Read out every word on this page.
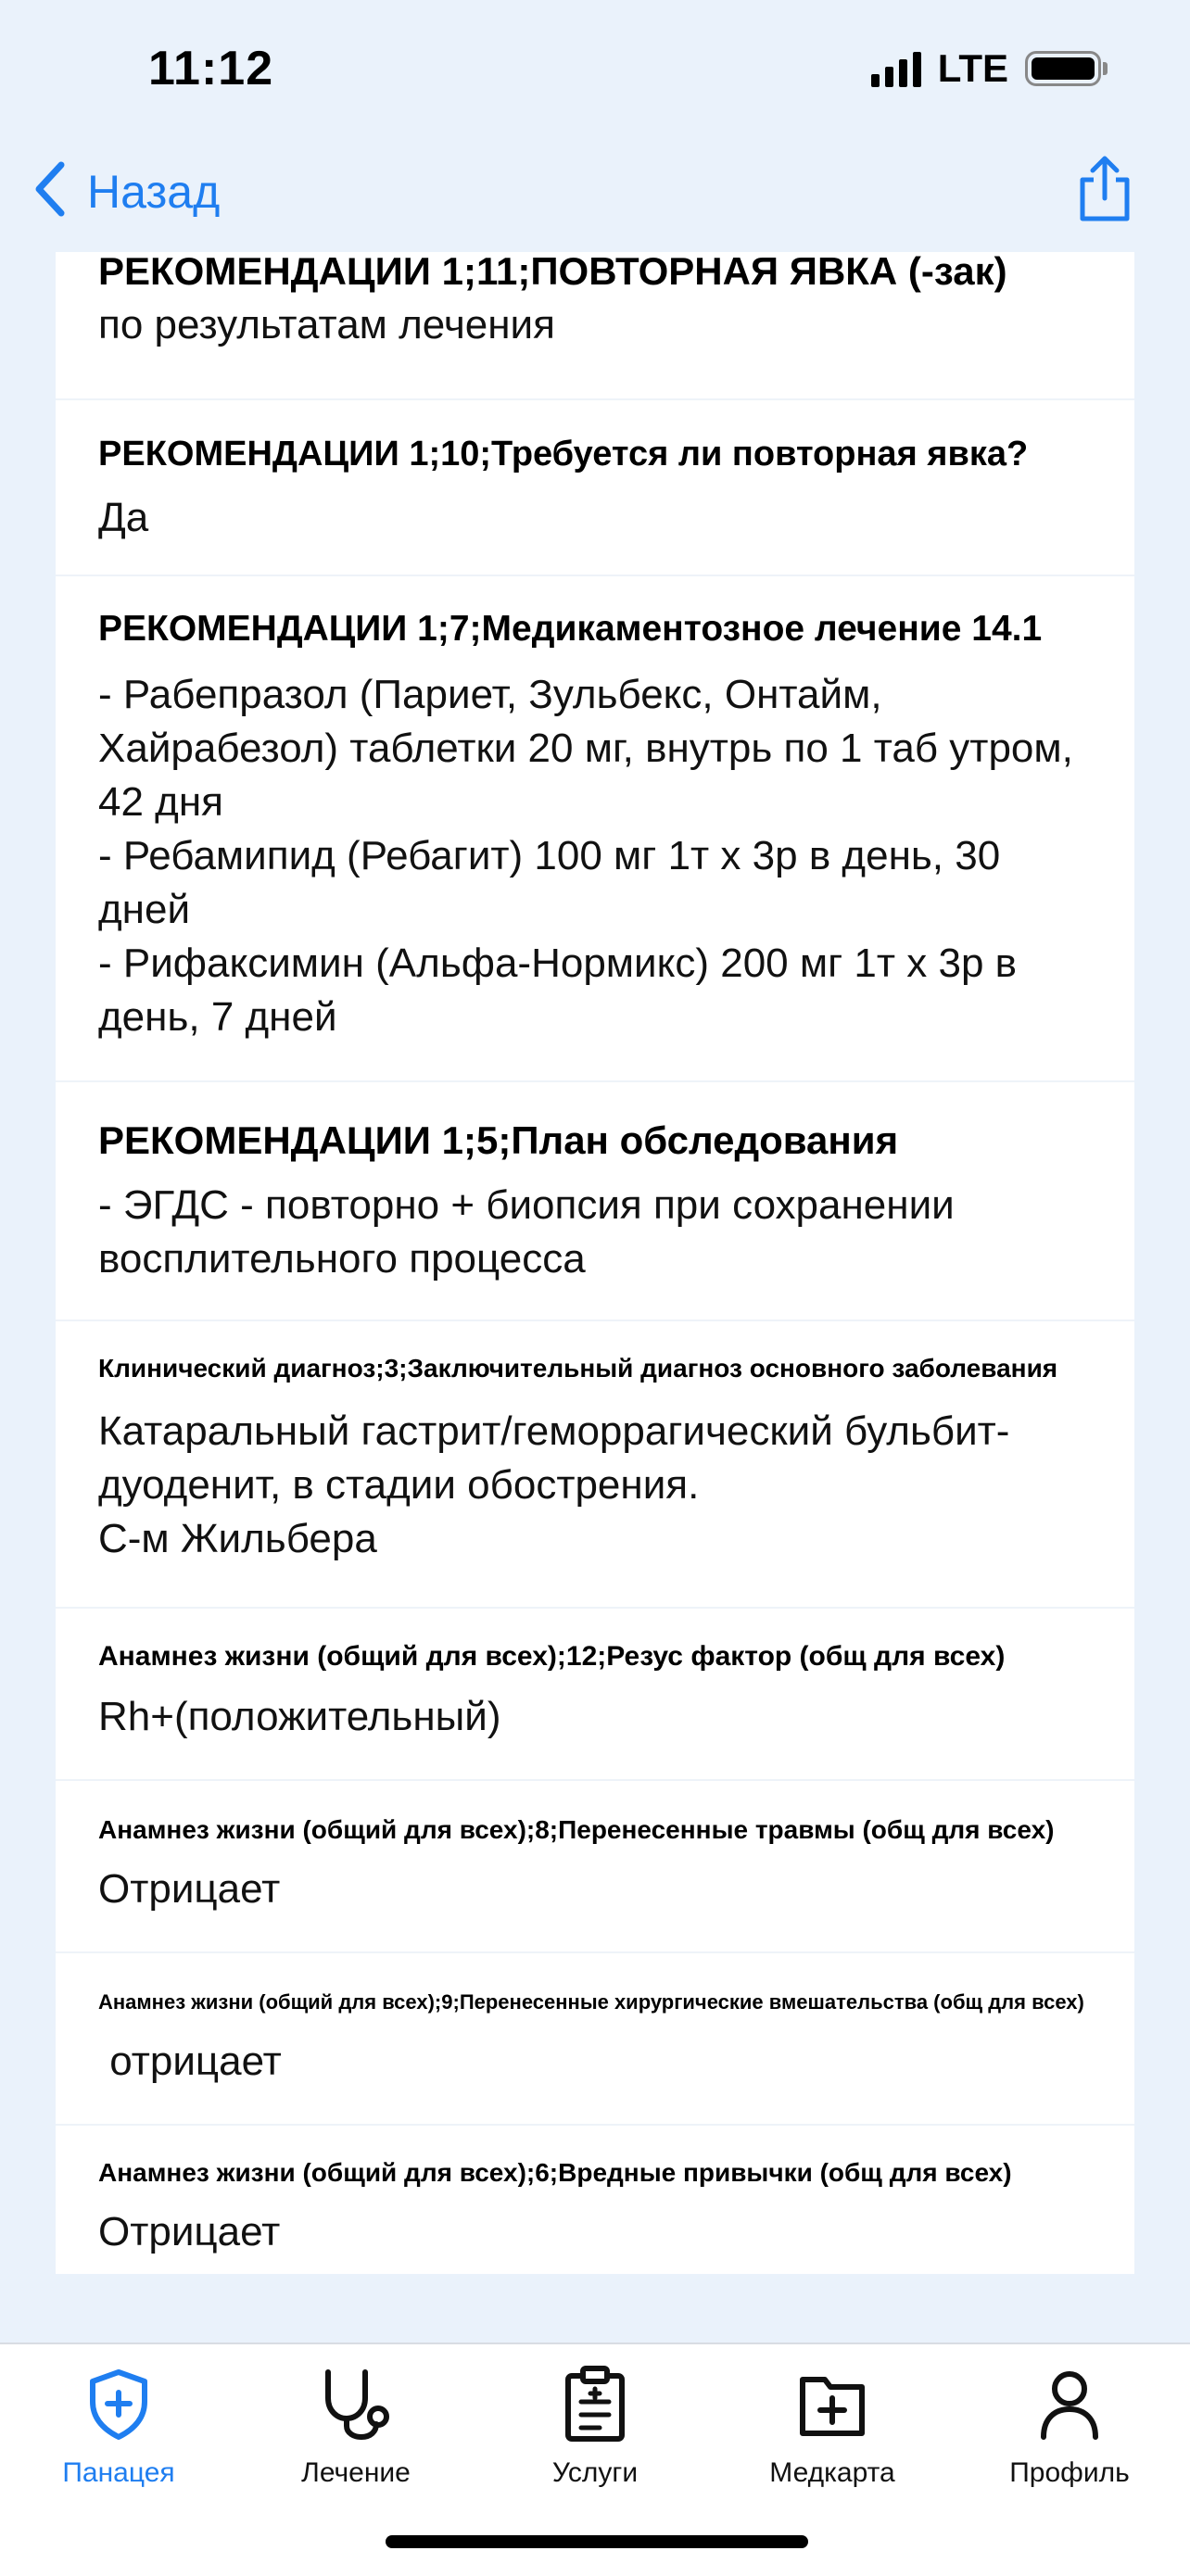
11:12	LTE
Назад
РЕКОМЕНДАЦИИ 1;11;ПОВТОРНАЯ ЯВКА (-зак)
по результатам лечения
РЕКОМЕНДАЦИИ 1;10;Требуется ли повторная явка?
Да
РЕКОМЕНДАЦИИ 1;7;Медикаментозное лечение 14.1
- Рабепразол (Париет, Зульбекс, Онтайм, Хайрабезол) таблетки 20 мг, внутрь по 1 таб утром, 42 дня
- Ребамипид (Ребагит) 100 мг 1т х 3р в день, 30 дней
- Рифаксимин (Альфа-Нормикс) 200 мг 1т х 3р в день, 7 дней
РЕКОМЕНДАЦИИ 1;5;План обследования
- ЭГДС - повторно + биопсия при сохранении восплительного процесса
Клинический диагноз;3;Заключительный диагноз основного заболевания
Катаральный гастрит/геморрагический бульбит-дуоденит, в стадии обострения.
С-м Жильбера
Анамнез жизни (общий для всех);12;Резус фактор (общ для всех)
Rh+(положительный)
Анамнез жизни (общий для всех);8;Перенесенные травмы (общ для всех)
Отрицает
Анамнез жизни (общий для всех);9;Перенесенные хирургические вмешательства (общ для всех)
отрицает
Анамнез жизни (общий для всех);6;Вредные привычки (общ для всех)
Отрицает
Панацея	Лечение	Услуги	Медкарта	Профиль
